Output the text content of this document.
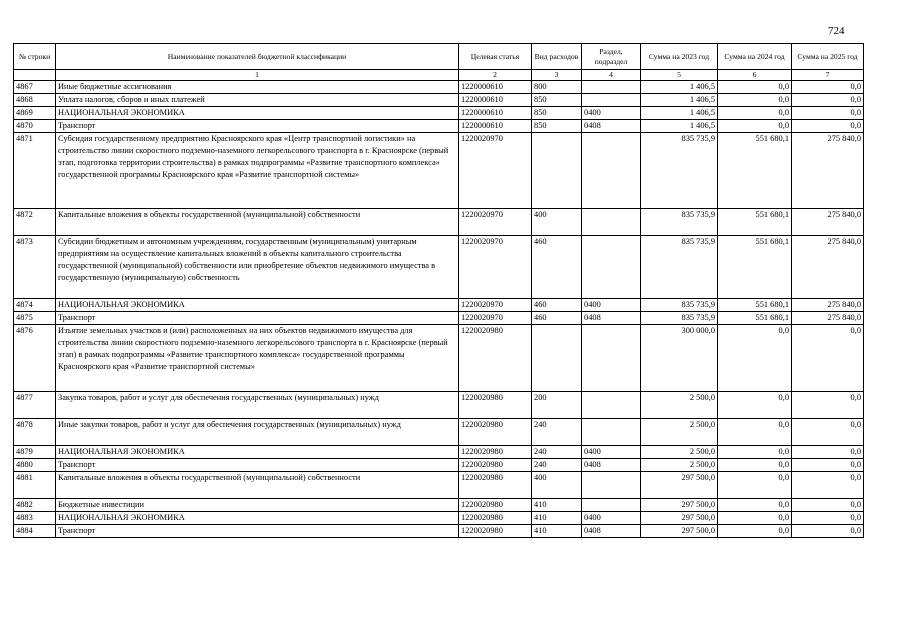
724
№ строки	Наименование показателей бюджетной классификации	Целевая статья	Вид расходов	Раздел, подраздел	Сумма на 2023 год	Сумма на 2024 год	Сумма на 2025 год
	1	2	3	4	5	6	7
4867	Иные бюджетные ассигнования	1220000610	800		1 406,5	0,0	0,0
4868	Уплата налогов, сборов и иных платежей	1220000610	850		1 406,5	0,0	0,0
4869	НАЦИОНАЛЬНАЯ ЭКОНОМИКА	1220000610	850	0400	1 406,5	0,0	0,0
4870	Транспорт	1220000610	850	0408	1 406,5	0,0	0,0
4871	Субсидия государственному предприятию Красноярского края «Центр транспортной логистики» на строительство линии скоростного подземно-наземного легкорельсового транспорта в г. Красноярске (первый этап, подготовка территории строительства) в рамках подпрограммы «Развитие транспортного комплекса» государственной программы Красноярского края «Развитие транспортной системы»	1220020970			835 735,9	551 680,1	275 840,0
4872	Капитальные вложения в объекты государственной (муниципальной) собственности	1220020970	400		835 735,9	551 680,1	275 840,0
4873	Субсидии бюджетным и автономным учреждениям, государственным (муниципальным) унитарным предприятиям на осуществление капитальных вложений в объекты капитального строительства государственной (муниципальной) собственности или приобретение объектов недвижимого имущества в государственную (муниципальную) собственность	1220020970	460		835 735,9	551 680,1	275 840,0
4874	НАЦИОНАЛЬНАЯ ЭКОНОМИКА	1220020970	460	0400	835 735,9	551 680,1	275 840,0
4875	Транспорт	1220020970	460	0408	835 735,9	551 680,1	275 840,0
4876	Изъятие земельных участков и (или) расположенных на них объектов недвижимого имущества для строительства линии скоростного подземно-наземного легкорельсового транспорта в г. Красноярске (первый этап) в рамках подпрограммы «Развитие транспортного комплекса» государственной программы Красноярского края «Развитие транспортной системы»	1220020980			300 000,0	0,0	0,0
4877	Закупка товаров, работ и услуг для обеспечения государственных (муниципальных) нужд	1220020980	200		2 500,0	0,0	0,0
4878	Иные закупки товаров, работ и услуг для обеспечения государственных (муниципальных) нужд	1220020980	240		2 500,0	0,0	0,0
4879	НАЦИОНАЛЬНАЯ ЭКОНОМИКА	1220020980	240	0400	2 500,0	0,0	0,0
4880	Транспорт	1220020980	240	0408	2 500,0	0,0	0,0
4881	Капитальные вложения в объекты государственной (муниципальной) собственности	1220020980	400		297 500,0	0,0	0,0
4882	Бюджетные инвестиции	1220020980	410		297 500,0	0,0	0,0
4883	НАЦИОНАЛЬНАЯ ЭКОНОМИКА	1220020980	410	0400	297 500,0	0,0	0,0
4884	Транспорт	1220020980	410	0408	297 500,0	0,0	0,0
